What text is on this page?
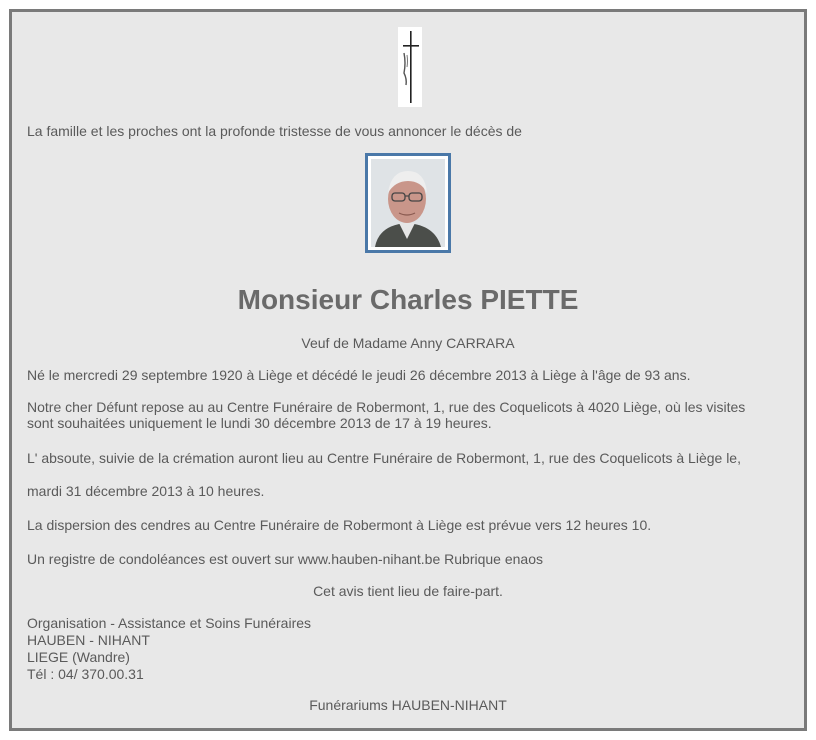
La famille et les proches ont la profonde tristesse de vous annoncer le décès de
Monsieur Charles PIETTE
Veuf de Madame Anny CARRARA
Né le mercredi 29 septembre 1920 à Liège et décédé le jeudi 26 décembre 2013 à Liège à l'âge de 93 ans.
Notre cher Défunt repose au au Centre Funéraire de Robermont, 1, rue des Coquelicots à 4020 Liège, où les visites
sont souhaitées uniquement le lundi 30 décembre 2013 de 17 à 19 heures.
L' absoute, suivie de la crémation auront lieu au Centre Funéraire de Robermont, 1, rue des Coquelicots à Liège le,
mardi 31 décembre 2013 à 10 heures.
La dispersion des cendres au Centre Funéraire de Robermont à Liège est prévue vers 12 heures 10.
Un registre de condoléances est ouvert sur www.hauben-nihant.be Rubrique enaos
Cet avis tient lieu de faire-part.
Organisation - Assistance et Soins Funéraires
HAUBEN - NIHANT
LIEGE (Wandre)
Tél : 04/ 370.00.31
Funérariums HAUBEN-NIHANT
